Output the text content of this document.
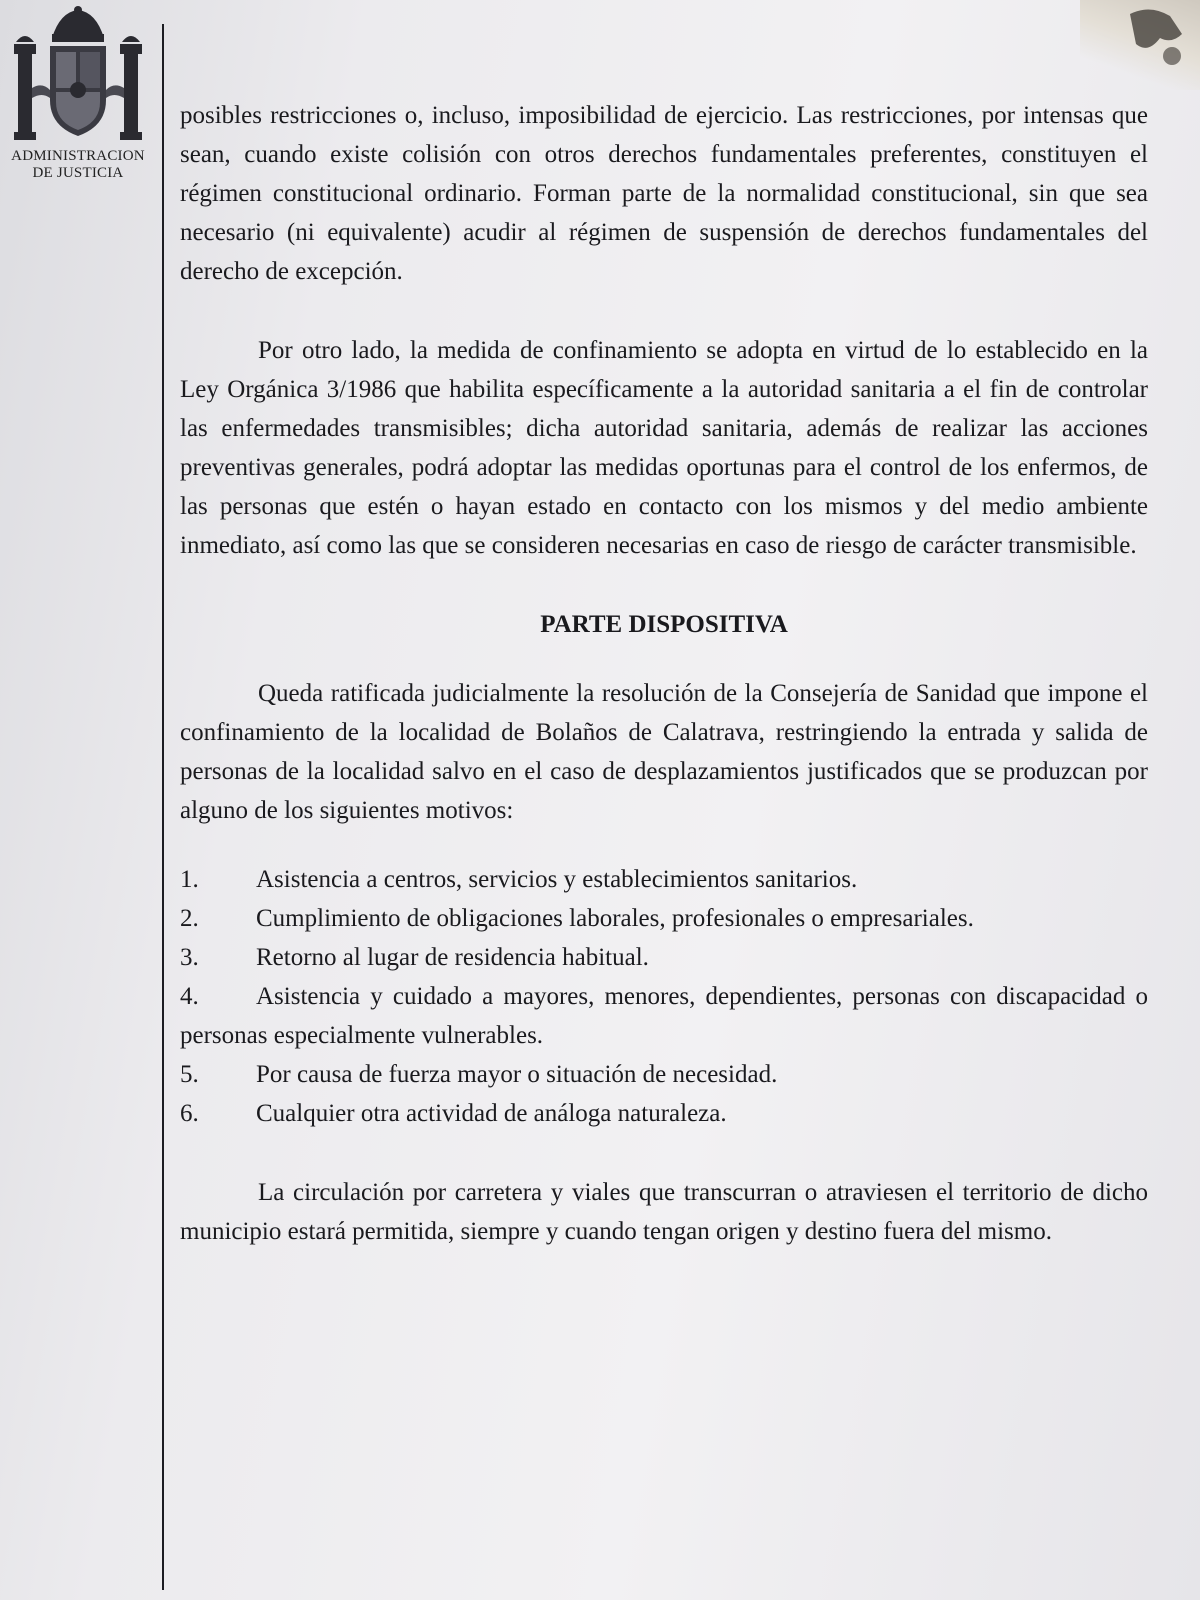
ADMINISTRACION
DE JUSTICIA

posibles restricciones o, incluso, imposibilidad de ejercicio. Las restricciones, por intensas que sean, cuando existe colisión con otros derechos fundamentales preferentes, constituyen el régimen constitucional ordinario. Forman parte de la normalidad constitucional, sin que sea necesario (ni equivalente) acudir al régimen de suspensión de derechos fundamentales del derecho de excepción.

Por otro lado, la medida de confinamiento se adopta en virtud de lo establecido en la Ley Orgánica 3/1986 que habilita específicamente a la autoridad sanitaria a el fin de controlar las enfermedades transmisibles; dicha autoridad sanitaria, además de realizar las acciones preventivas generales, podrá adoptar las medidas oportunas para el control de los enfermos, de las personas que estén o hayan estado en contacto con los mismos y del medio ambiente inmediato, así como las que se consideren necesarias en caso de riesgo de carácter transmisible.

PARTE DISPOSITIVA

Queda ratificada judicialmente la resolución de la Consejería de Sanidad que impone el confinamiento de la localidad de Bolaños de Calatrava, restringiendo la entrada y salida de personas de la localidad salvo en el caso de desplazamientos justificados que se produzcan por alguno de los siguientes motivos:

1.	Asistencia a centros, servicios y establecimientos sanitarios.
2.	Cumplimiento de obligaciones laborales, profesionales o empresariales.
3.	Retorno al lugar de residencia habitual.
4. Asistencia y cuidado a mayores, menores, dependientes, personas con discapacidad o personas especialmente vulnerables.
5.	Por causa de fuerza mayor o situación de necesidad.
6.	Cualquier otra actividad de análoga naturaleza.

La circulación por carretera y viales que transcurran o atraviesen el territorio de dicho municipio estará permitida, siempre y cuando tengan origen y destino fuera del mismo.
